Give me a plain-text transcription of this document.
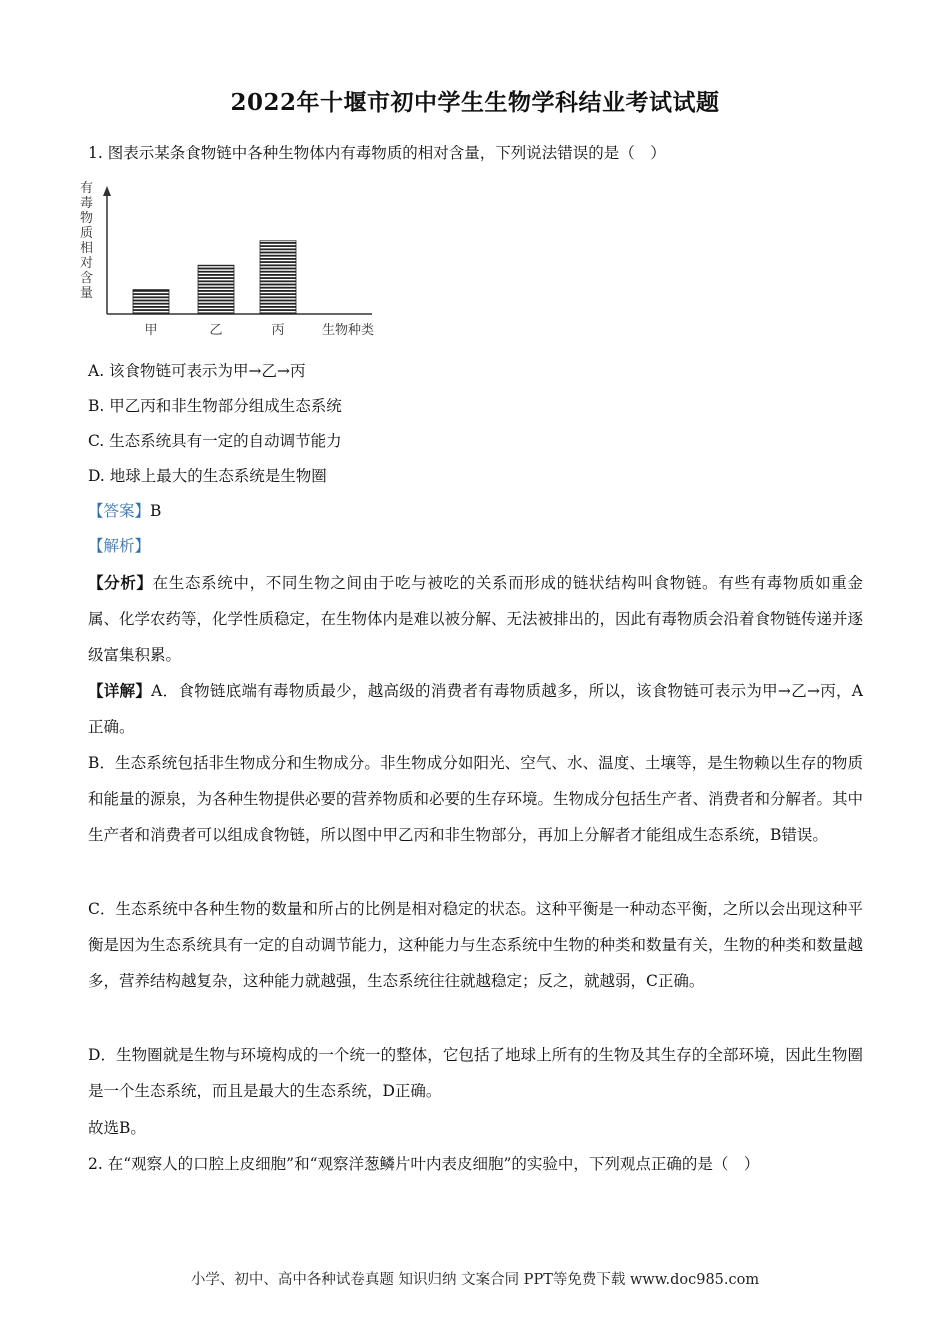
2022年十堰市初中学生生物学科结业考试试题
1. 图表示某条食物链中各种生物体内有毒物质的相对含量，下列说法错误的是（　）
有
毒
物
质
相
对
含
量
甲	乙	丙	生物种类
A. 该食物链可表示为甲→乙→丙
B. 甲乙丙和非生物部分组成生态系统
C. 生态系统具有一定的自动调节能力
D. 地球上最大的生态系统是生物圈
【答案】B
【解析】
【分析】在生态系统中，不同生物之间由于吃与被吃的关系而形成的链状结构叫食物链。有些有毒物质如重金属、化学农药等，化学性质稳定，在生物体内是难以被分解、无法被排出的，因此有毒物质会沿着食物链传递并逐级富集积累。
【详解】A．食物链底端有毒物质最少，越高级的消费者有毒物质越多，所以，该食物链可表示为甲→乙→丙，A正确。
B．生态系统包括非生物成分和生物成分。非生物成分如阳光、空气、水、温度、土壤等，是生物赖以生存的物质和能量的源泉，为各种生物提供必要的营养物质和必要的生存环境。生物成分包括生产者、消费者和分解者。其中生产者和消费者可以组成食物链，所以图中甲乙丙和非生物部分，再加上分解者才能组成生态系统，B错误。
C．生态系统中各种生物的数量和所占的比例是相对稳定的状态。这种平衡是一种动态平衡，之所以会出现这种平衡是因为生态系统具有一定的自动调节能力，这种能力与生态系统中生物的种类和数量有关，生物的种类和数量越多，营养结构越复杂，这种能力就越强，生态系统往往就越稳定；反之，就越弱，C正确。
D．生物圈就是生物与环境构成的一个统一的整体，它包括了地球上所有的生物及其生存的全部环境，因此生物圈是一个生态系统，而且是最大的生态系统，D正确。
故选B。
2. 在“观察人的口腔上皮细胞”和“观察洋葱鳞片叶内表皮细胞”的实验中，下列观点正确的是（　）
小学、初中、高中各种试卷真题 知识归纳 文案合同 PPT等免费下载 www.doc985.com
